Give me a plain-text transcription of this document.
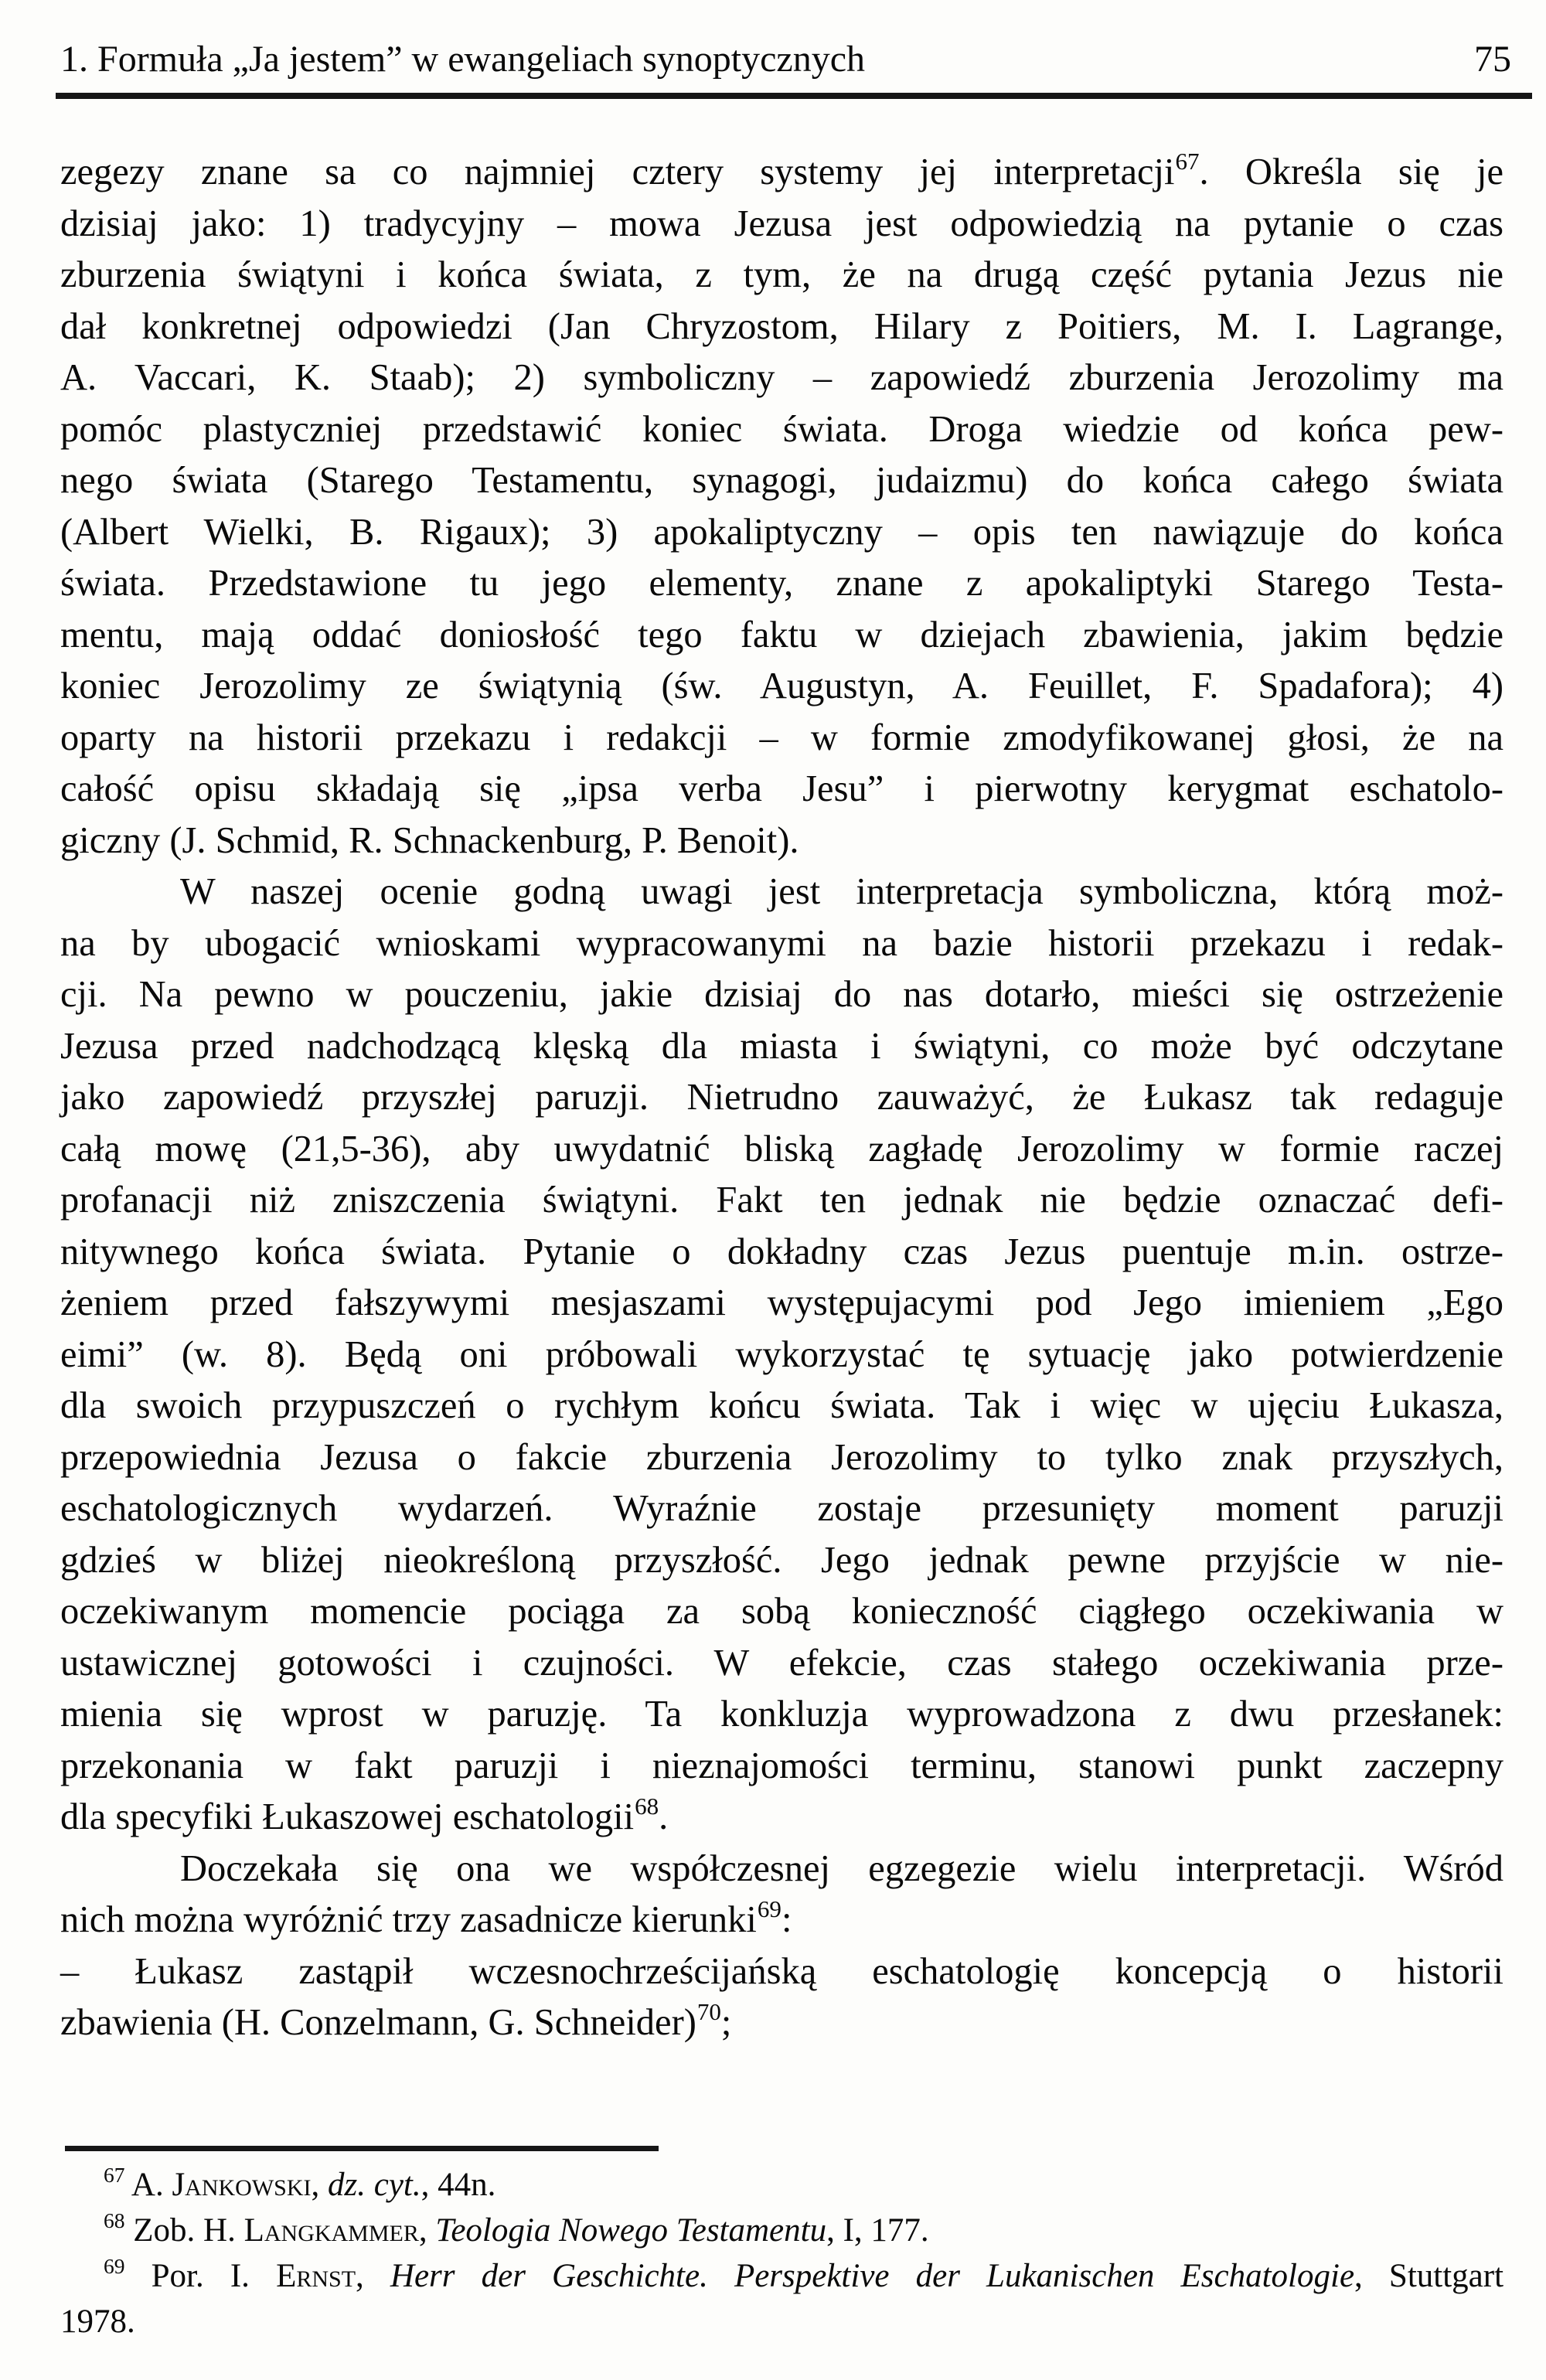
1. Formuła „Ja jestem” w ewangeliach synoptycznych	75
zegezy znane sa co najmniej cztery systemy jej interpretacji$^{67}$. Określa się je
dzisiaj jako: 1) tradycyjny – mowa Jezusa jest odpowiedzią na pytanie o czas
zburzenia świątyni i końca świata, z tym, że na drugą część pytania Jezus nie
dał konkretnej odpowiedzi (Jan Chryzostom, Hilary z Poitiers, M. I. Lagrange,
A. Vaccari, K. Staab); 2) symboliczny – zapowiedź zburzenia Jerozolimy ma
pomóc plastyczniej przedstawić koniec świata. Droga wiedzie od końca pew-
nego świata (Starego Testamentu, synagogi, judaizmu) do końca całego świata
(Albert Wielki, B. Rigaux); 3) apokaliptyczny – opis ten nawiązuje do końca
świata. Przedstawione tu jego elementy, znane z apokaliptyki Starego Testa-
mentu, mają oddać doniosłość tego faktu w dziejach zbawienia, jakim będzie
koniec Jerozolimy ze świątynią (św. Augustyn, A. Feuillet, F. Spadafora); 4)
oparty na historii przekazu i redakcji – w formie zmodyfikowanej głosi, że na
całość opisu składają się „ipsa verba Jesu” i pierwotny kerygmat eschatolo-
giczny (J. Schmid, R. Schnackenburg, P. Benoit).
W naszej ocenie godną uwagi jest interpretacja symboliczna, którą moż-
na by ubogacić wnioskami wypracowanymi na bazie historii przekazu i redak-
cji. Na pewno w pouczeniu, jakie dzisiaj do nas dotarło, mieści się ostrzeżenie
Jezusa przed nadchodzącą klęską dla miasta i świątyni, co może być odczytane
jako zapowiedź przyszłej paruzji. Nietrudno zauważyć, że Łukasz tak redaguje
całą mowę (21,5-36), aby uwydatnić bliską zagładę Jerozolimy w formie raczej
profanacji niż zniszczenia świątyni. Fakt ten jednak nie będzie oznaczać defi-
nitywnego końca świata. Pytanie o dokładny czas Jezus puentuje m.in. ostrze-
żeniem przed fałszywymi mesjaszami występujacymi pod Jego imieniem „Ego
eimi” (w. 8). Będą oni próbowali wykorzystać tę sytuację jako potwierdzenie
dla swoich przypuszczeń o rychłym końcu świata. Tak i więc w ujęciu Łukasza,
przepowiednia Jezusa o fakcie zburzenia Jerozolimy to tylko znak przyszłych,
eschatologicznych wydarzeń. Wyraźnie zostaje przesunięty moment paruzji
gdzieś w bliżej nieokreśloną przyszłość. Jego jednak pewne przyjście w nie-
oczekiwanym momencie pociąga za sobą konieczność ciągłego oczekiwania w
ustawicznej gotowości i czujności. W efekcie, czas stałego oczekiwania prze-
mienia się wprost w paruzję. Ta konkluzja wyprowadzona z dwu przesłanek:
przekonania w fakt paruzji i nieznajomości terminu, stanowi punkt zaczepny
dla specyfiki Łukaszowej eschatologii$^{68}$.
Doczekała się ona we współczesnej egzegezie wielu interpretacji. Wśród
nich można wyróżnić trzy zasadnicze kierunki$^{69}$:
– Łukasz zastąpił wczesnochrześcijańską eschatologię koncepcją o historii
zbawienia (H. Conzelmann, G. Schneider)$^{70}$;
$^{67}$ A. Jankowski, dz. cyt., 44n.
$^{68}$ Zob. H. Langkammer, Teologia Nowego Testamentu, I, 177.
$^{69}$ Por. I. Ernst, Herr der Geschichte. Perspektive der Lukanischen Eschatologie, Stuttgart
1978.
